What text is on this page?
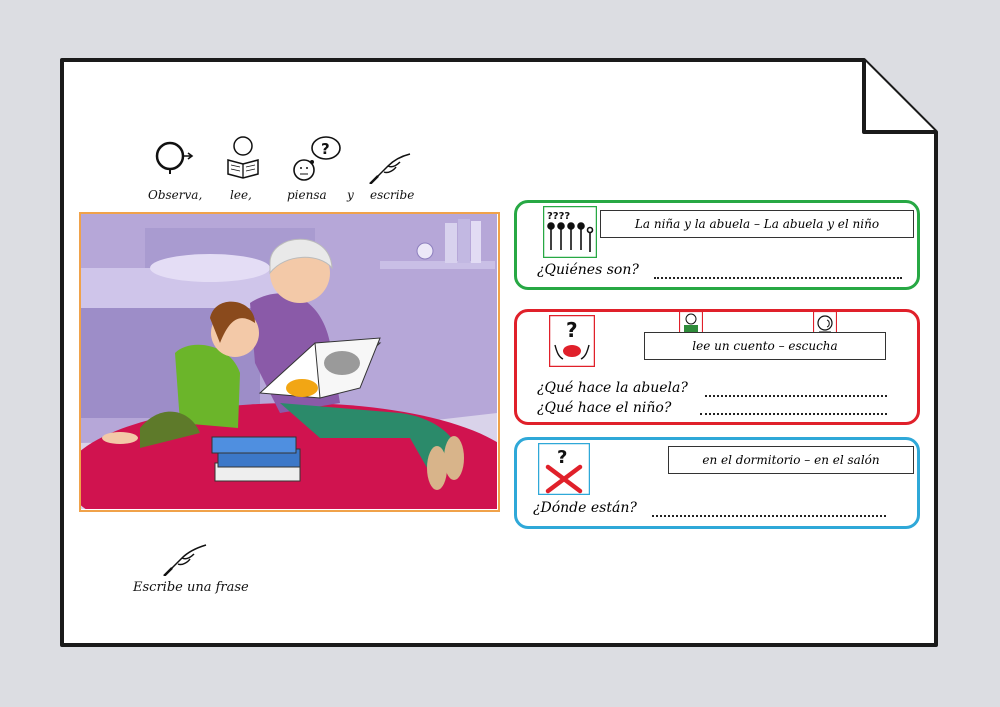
?
Observa, lee,	piensa y escribe
????
La niña y la abuela – La abuela y el niño
¿Quiénes son?
?
lee un cuento – escucha
¿Qué hace la abuela?
¿Qué hace el niño?
?	en el dormitorio – en el salón
¿Dónde están?
Escribe una frase
